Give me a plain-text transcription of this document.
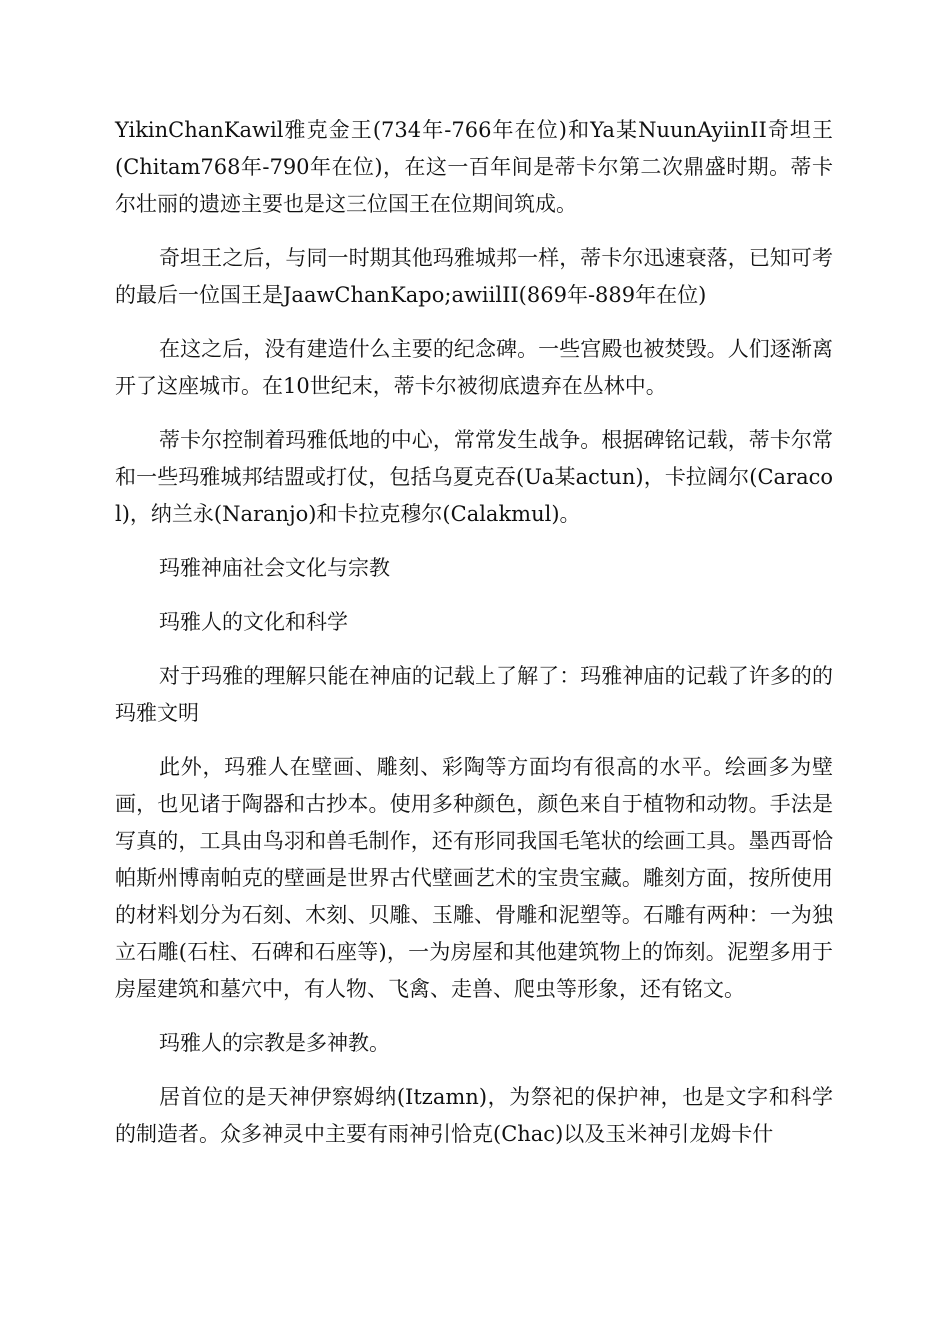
YikinChanKawil雅克金王(734年-766年在位)和Ya某NuunAyiinII奇坦王(Chitam768年-790年在位)，在这一百年间是蒂卡尔第二次鼎盛时期。蒂卡尔壮丽的遗迹主要也是这三位国王在位期间筑成。

奇坦王之后，与同一时期其他玛雅城邦一样，蒂卡尔迅速衰落，已知可考的最后一位国王是JaawChanKapo;awiilII(869年-889年在位)

在这之后，没有建造什么主要的纪念碑。一些宫殿也被焚毁。人们逐渐离开了这座城市。在10世纪末，蒂卡尔被彻底遗弃在丛林中。

蒂卡尔控制着玛雅低地的中心，常常发生战争。根据碑铭记载，蒂卡尔常和一些玛雅城邦结盟或打仗，包括乌夏克吞(Ua某actun)，卡拉阔尔(Caracol)，纳兰永(Naranjo)和卡拉克穆尔(Calakmul)。

玛雅神庙社会文化与宗教

玛雅人的文化和科学

对于玛雅的理解只能在神庙的记载上了解了：玛雅神庙的记载了许多的的玛雅文明

此外，玛雅人在壁画、雕刻、彩陶等方面均有很高的水平。绘画多为壁画，也见诸于陶器和古抄本。使用多种颜色，颜色来自于植物和动物。手法是写真的，工具由鸟羽和兽毛制作，还有形同我国毛笔状的绘画工具。墨西哥恰帕斯州博南帕克的壁画是世界古代壁画艺术的宝贵宝藏。雕刻方面，按所使用的材料划分为石刻、木刻、贝雕、玉雕、骨雕和泥塑等。石雕有两种：一为独立石雕(石柱、石碑和石座等)，一为房屋和其他建筑物上的饰刻。泥塑多用于房屋建筑和墓穴中，有人物、飞禽、走兽、爬虫等形象，还有铭文。

玛雅人的宗教是多神教。

居首位的是天神伊察姆纳(Itzamn)，为祭祀的保护神，也是文字和科学的制造者。众多神灵中主要有雨神引恰克(Chac)以及玉米神引龙姆卡什
